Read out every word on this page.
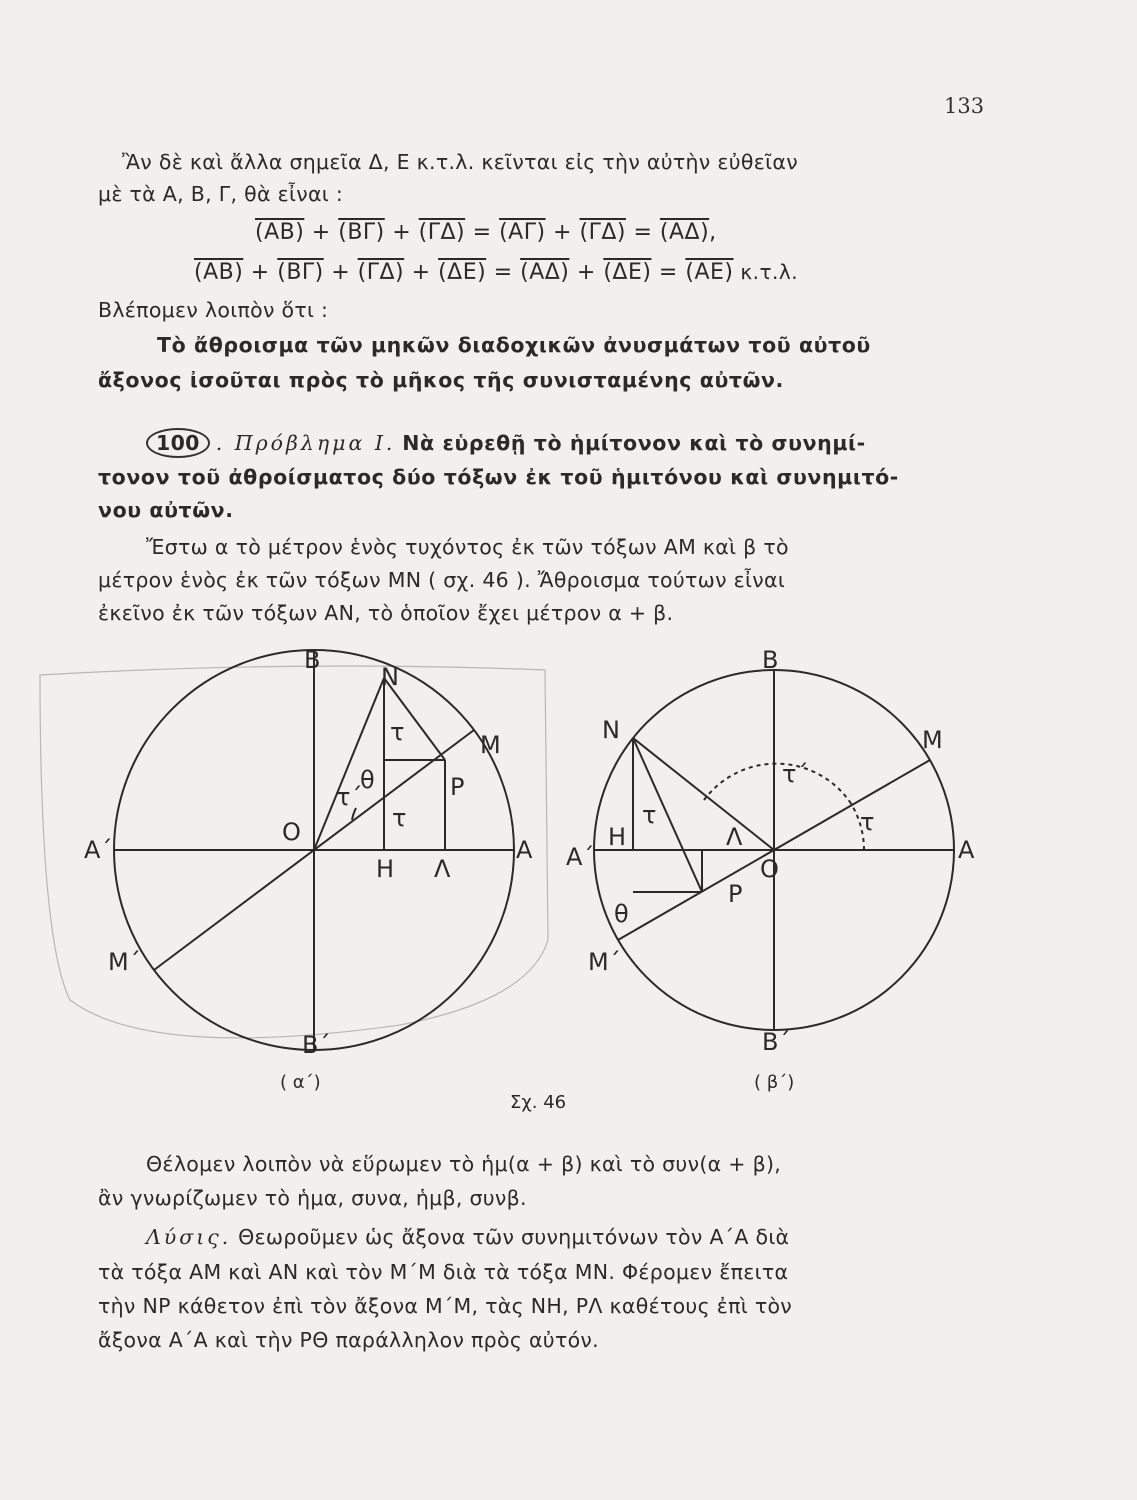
133
Ἂν δὲ καὶ ἄλλα σημεῖα Δ, Ε κ.τ.λ. κεῖνται εἰς τὴν αὐτὴν εὐθεῖαν
μὲ τὰ Α, Β, Γ, θὰ εἶναι :
(ΑΒ) + (ΒΓ) + (ΓΔ) = (ΑΓ) + (ΓΔ) = (ΑΔ),
(ΑΒ) + (ΒΓ) + (ΓΔ) + (ΔΕ) = (ΑΔ) + (ΔΕ) = (ΑΕ) κ.τ.λ.
Βλέπομεν λοιπὸν ὅτι :
Τὸ ἄθροισμα τῶν μηκῶν διαδοχικῶν ἀνυσμάτων τοῦ αὐτοῦ
ἄξονος ἰσοῦται πρὸς τὸ μῆκος τῆς συνισταμένης αὐτῶν.
100 . Πρόβλημα Ι. Νὰ εὑρεθῇ τὸ ἡμίτονον καὶ τὸ συνημί-
τονον τοῦ ἀθροίσματος δύο τόξων ἐκ τοῦ ἡμιτόνου καὶ συνημιτό-
νου αὐτῶν.
Ἔστω α τὸ μέτρον ἑνὸς τυχόντος ἐκ τῶν τόξων ΑΜ καὶ β τὸ
μέτρον ἑνὸς ἐκ τῶν τόξων ΜΝ ( σχ. 46 ). Ἄθροισμα τούτων εἶναι
ἐκεῖνο ἐκ τῶν τόξων ΑΝ, τὸ ὁποῖον ἔχει μέτρον α + β.
Β
Ν
Μ
τ
θ
τ΄	Ρ
τ
Ο
Α΄	Α
Η Λ
Μ΄
Β΄
( α΄)
Β
Ν	Μ
τ΄
τ	τ
Η	Λ
Α΄	Ο
Α
Ρ
θ
Μ΄
Β΄
( β΄)
Σχ. 46
Θέλομεν λοιπὸν νὰ εὕρωμεν τὸ ἡμ(α + β) καὶ τὸ συν(α + β),
ἂν γνωρίζωμεν τὸ ἡμα, συνα, ἡμβ, συνβ.
Λύσις. Θεωροῦμεν ὡς ἄξονα τῶν συνημιτόνων τὸν Α΄Α διὰ
τὰ τόξα ΑΜ καὶ ΑΝ καὶ τὸν Μ΄Μ διὰ τὰ τόξα ΜΝ. Φέρομεν ἔπειτα
τὴν ΝΡ κάθετον ἐπὶ τὸν ἄξονα Μ΄Μ, τὰς ΝΗ, ΡΛ καθέτους ἐπὶ τὸν
ἄξονα Α΄Α καὶ τὴν ΡΘ παράλληλον πρὸς αὐτόν.
